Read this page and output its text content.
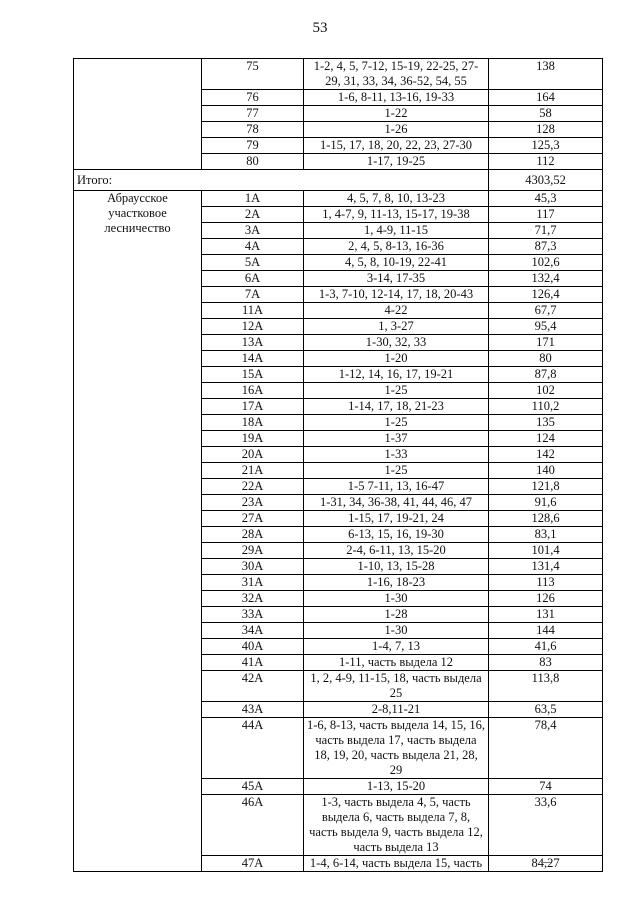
53
	75	1-2, 4, 5, 7-12, 15-19, 22-25, 27-29, 31, 33, 34, 36-52, 54, 55	138
	76	1-6, 8-11, 13-16, 19-33	164
	77	1-22	58
	78	1-26	128
	79	1-15, 17, 18, 20, 22, 23, 27-30	125,3
	80	1-17, 19-25	112
Итого:			4303,52
Абраусское участковое лесничество	1А	4, 5, 7, 8, 10, 13-23	45,3
	2А	1, 4-7, 9, 11-13, 15-17, 19-38	117
	3А	1, 4-9, 11-15	71,7
	4А	2, 4, 5, 8-13, 16-36	87,3
	5А	4, 5, 8, 10-19, 22-41	102,6
	6А	3-14, 17-35	132,4
	7А	1-3, 7-10, 12-14, 17, 18, 20-43	126,4
	11А	4-22	67,7
	12А	1, 3-27	95,4
	13А	1-30, 32, 33	171
	14А	1-20	80
	15А	1-12, 14, 16, 17, 19-21	87,8
	16А	1-25	102
	17А	1-14, 17, 18, 21-23	110,2
	18А	1-25	135
	19А	1-37	124
	20А	1-33	142
	21А	1-25	140
	22А	1-5 7-11, 13, 16-47	121,8
	23А	1-31, 34, 36-38, 41, 44, 46, 47	91,6
	27А	1-15, 17, 19-21, 24	128,6
	28А	6-13, 15, 16, 19-30	83,1
	29А	2-4, 6-11, 13, 15-20	101,4
	30А	1-10, 13, 15-28	131,4
	31А	1-16, 18-23	113
	32А	1-30	126
	33А	1-28	131
	34А	1-30	144
	40А	1-4, 7, 13	41,6
	41А	1-11, часть выдела 12	83
	42А	1, 2, 4-9, 11-15, 18, часть выдела 25	113,8
	43А	2-8,11-21	63,5
	44А	1-6, 8-13, часть выдела 14, 15, 16, часть выдела 17, часть выдела 18, 19, 20, часть выдела 21, 28, 29	78,4
	45А	1-13, 15-20	74
	46А	1-3, часть выдела 4, 5, часть выдела 6, часть выдела 7, 8, часть выдела 9, часть выдела 12, часть выдела 13	33,6
	47А	1-4, 6-14, часть выдела 15, часть	84,27
